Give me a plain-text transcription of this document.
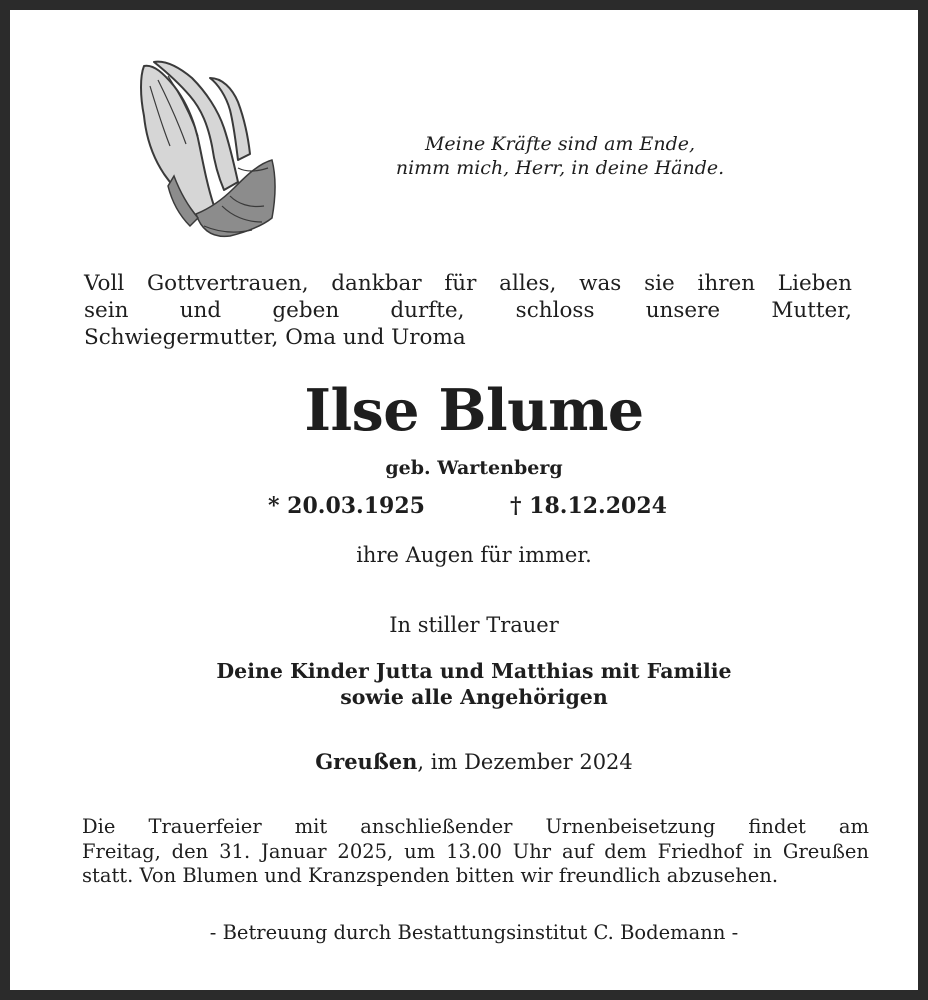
Meine Kräfte sind am Ende,
nimm mich, Herr, in deine Hände.
Voll Gottvertrauen, dankbar für alles, was sie ihren Lieben
sein und geben durfte, schloss unsere Mutter,
Schwiegermutter, Oma und Uroma
Ilse Blume
geb. Wartenberg
* 20.03.1925	† 18.12.2024
ihre Augen für immer.
In stiller Trauer
Deine Kinder Jutta und Matthias mit Familie
sowie alle Angehörigen
Greußen, im Dezember 2024
Die Trauerfeier mit anschließender Urnenbeisetzung findet am
Freitag, den 31. Januar 2025, um 13.00 Uhr auf dem Friedhof in Greußen
statt. Von Blumen und Kranzspenden bitten wir freundlich abzusehen.
- Betreuung durch Bestattungsinstitut C. Bodemann -
